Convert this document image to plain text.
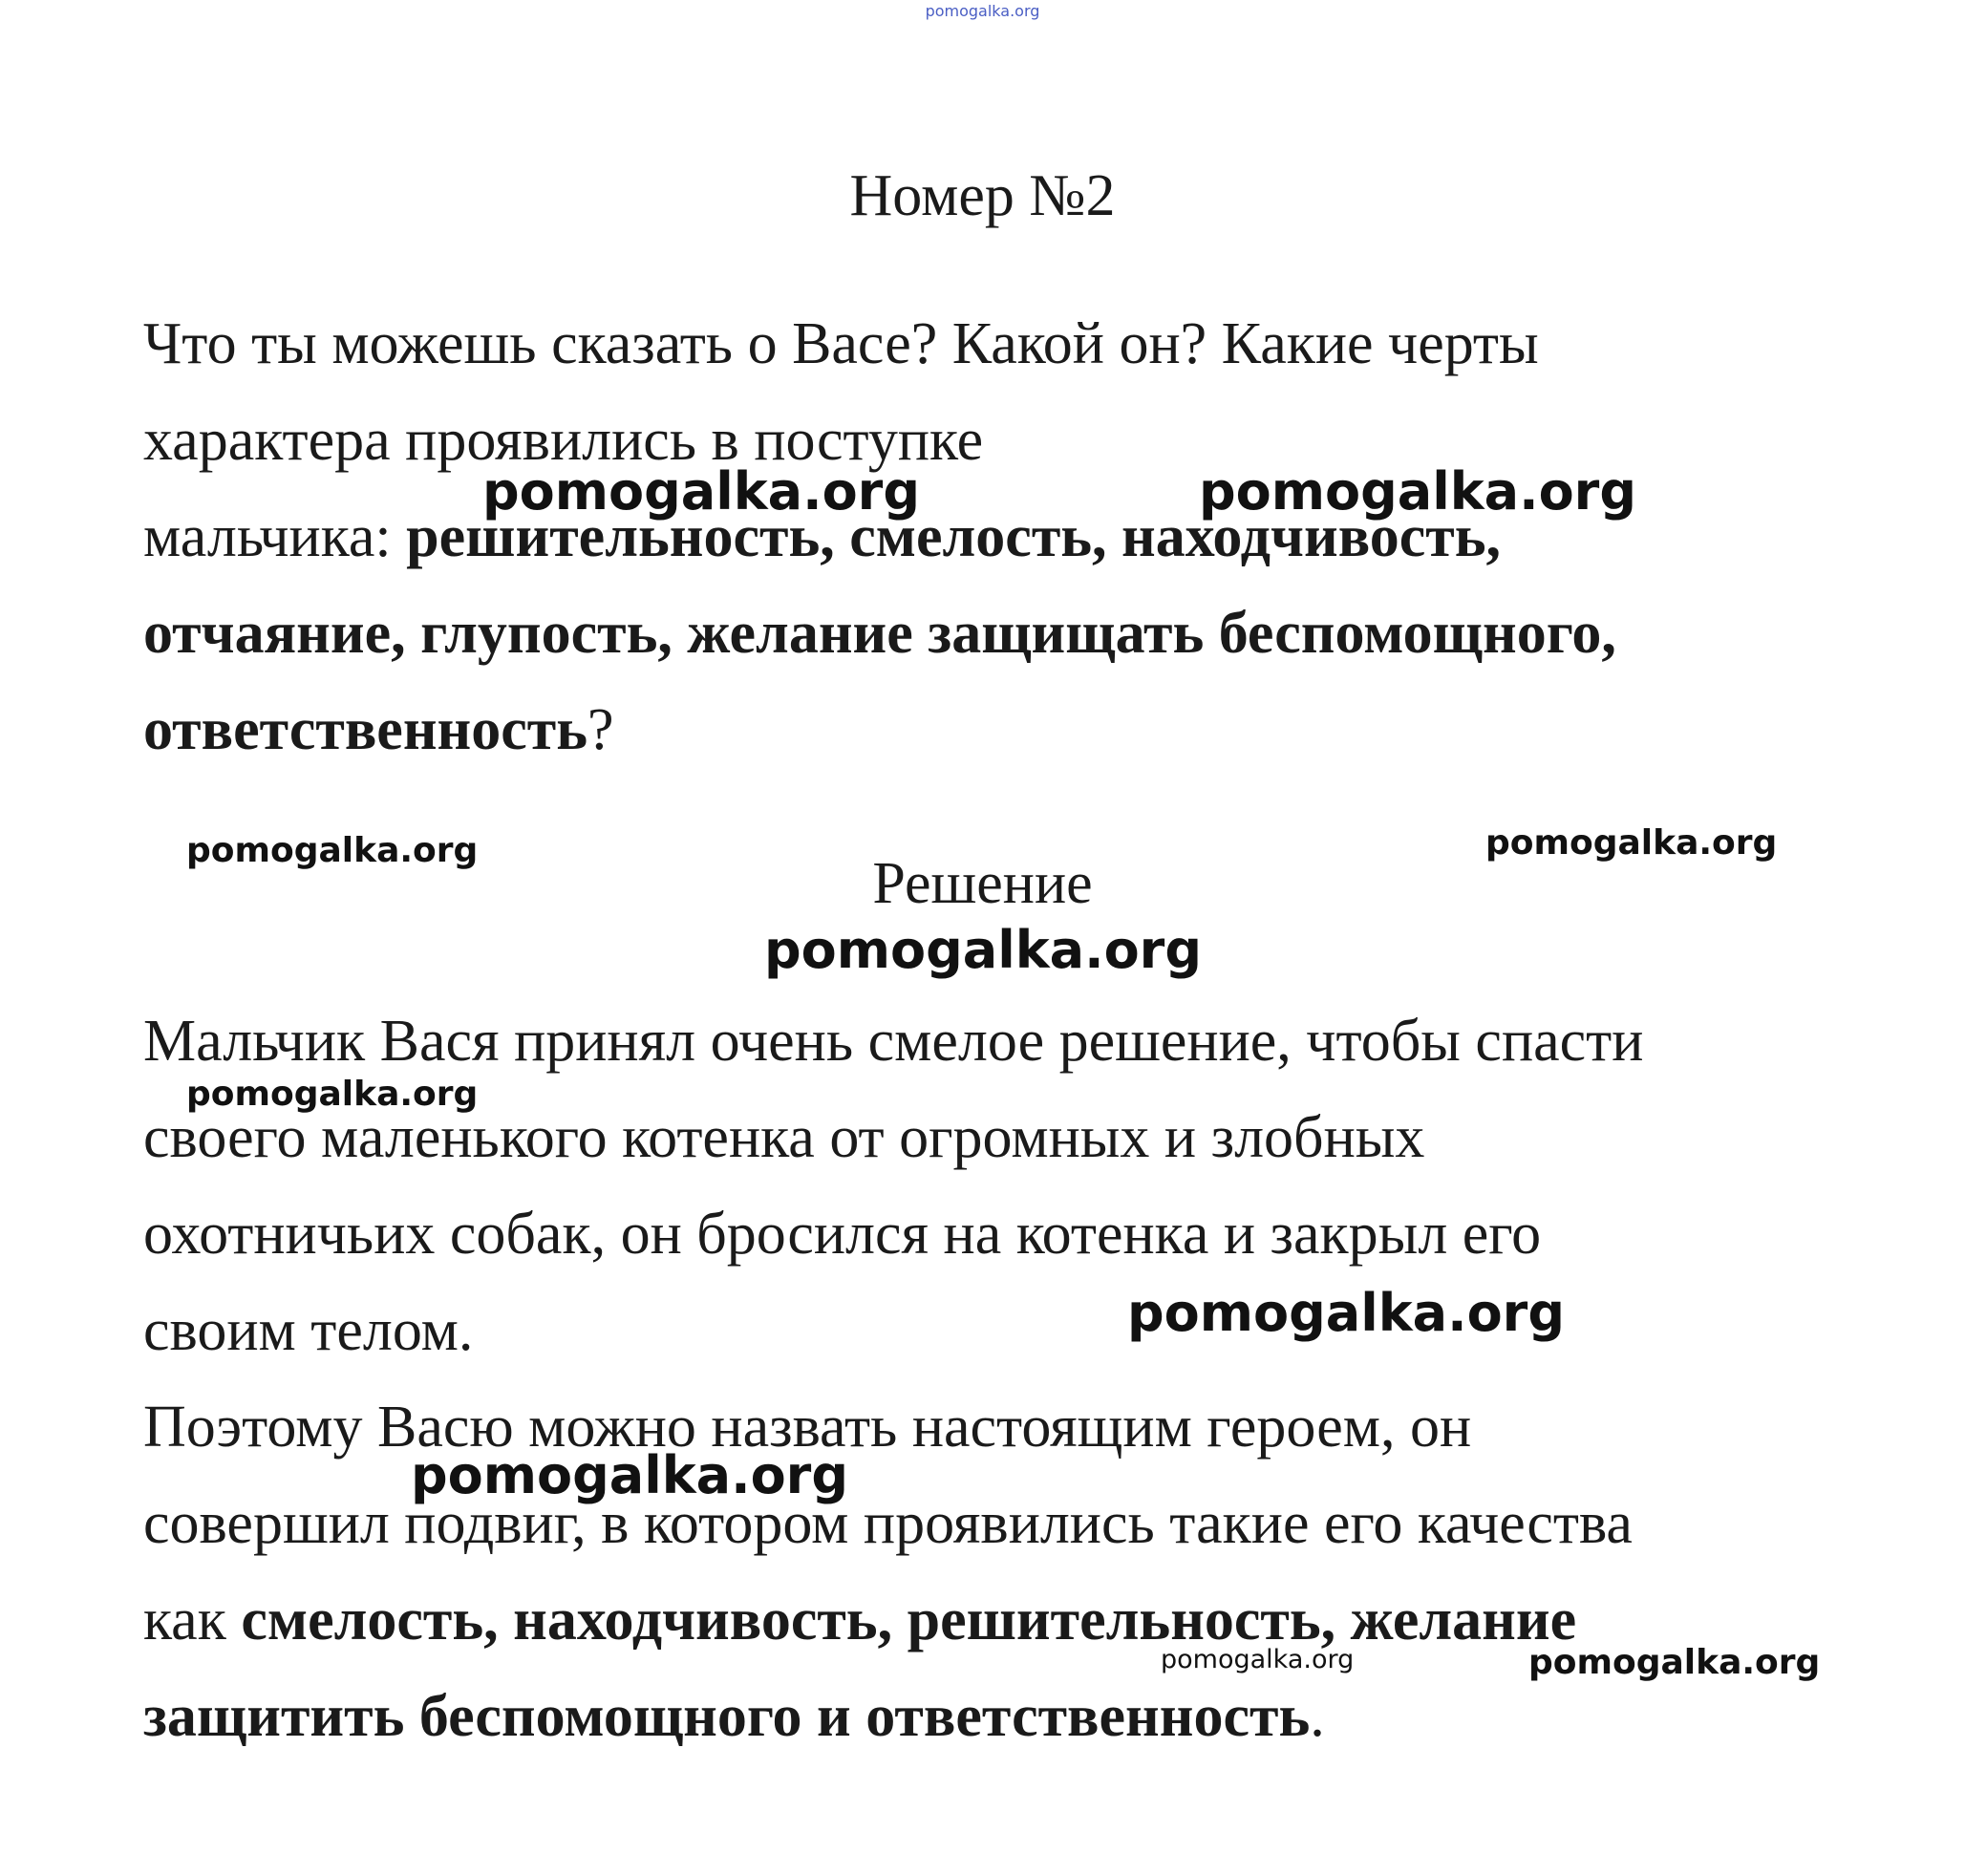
pomogalka.org
Номер №2
Что ты можешь сказать о Васе? Какой он? Какие черты
характера проявились в поступке
мальчика: решительность, смелость, находчивость,
отчаяние, глупость, желание защищать беспомощного,
ответственность?
Решение
Мальчик Вася принял очень смелое решение, чтобы спасти
своего маленького котенка от огромных и злобных
охотничьих собак, он бросился на котенка и закрыл его
своим телом.
Поэтому Васю можно назвать настоящим героем, он
совершил подвиг, в котором проявились такие его качества
как смелость, находчивость, решительность, желание
защитить беспомощного и ответственность.
pomogalka.org	pomogalka.org
pomogalka.org	pomogalka.org
pomogalka.org
pomogalka.org
pomogalka.org
pomogalka.org
pomogalka.org	pomogalka.org
